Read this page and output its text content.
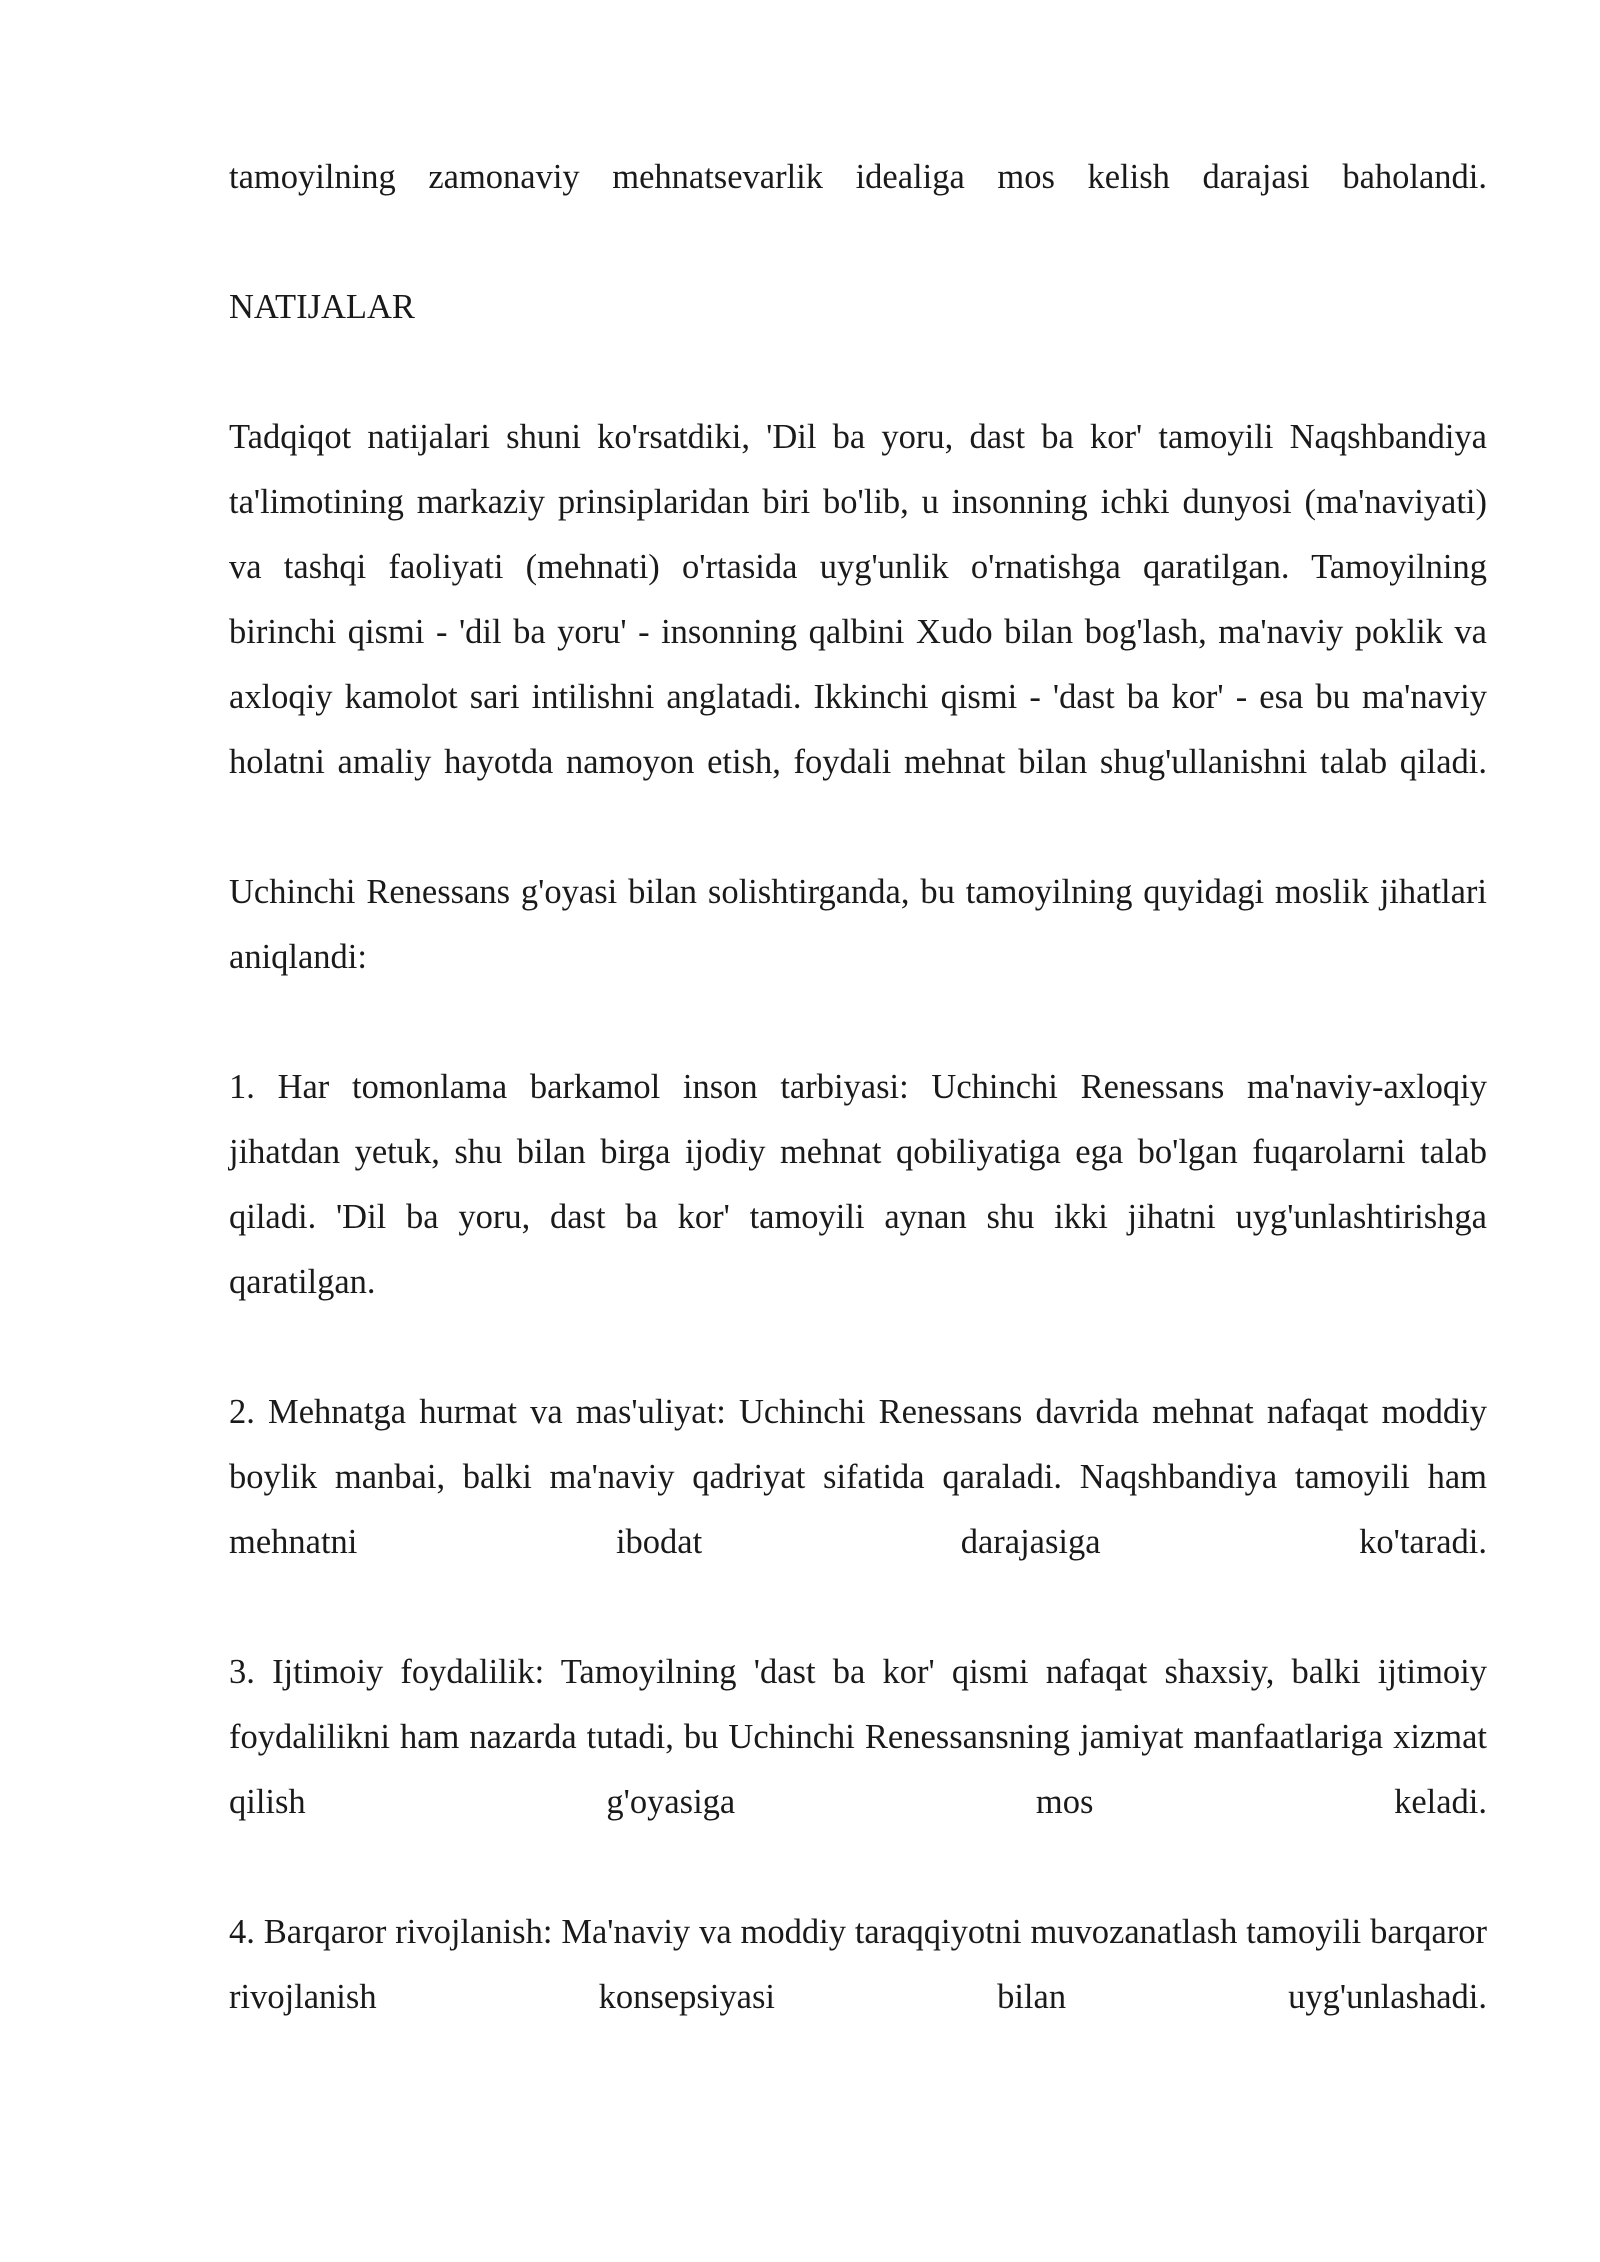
tamoyilning zamonaviy mehnatsevarlik idealiga mos kelish darajasi baholandi.

NATIJALAR

Tadqiqot natijalari shuni ko'rsatdiki, 'Dil ba yoru, dast ba kor' tamoyili Naqshbandiya ta'limotining markaziy prinsiplaridan biri bo'lib, u insonning ichki dunyosi (ma'naviyati) va tashqi faoliyati (mehnati) o'rtasida uyg'unlik o'rnatishga qaratilgan. Tamoyilning birinchi qismi - 'dil ba yoru' - insonning qalbini Xudo bilan bog'lash, ma'naviy poklik va axloqiy kamolot sari intilishni anglatadi. Ikkinchi qismi - 'dast ba kor' - esa bu ma'naviy holatni amaliy hayotda namoyon etish, foydali mehnat bilan shug'ullanishni talab qiladi.

Uchinchi Renessans g'oyasi bilan solishtirganda, bu tamoyilning quyidagi moslik jihatlari aniqlandi:

1. Har tomonlama barkamol inson tarbiyasi: Uchinchi Renessans ma'naviy-axloqiy jihatdan yetuk, shu bilan birga ijodiy mehnat qobiliyatiga ega bo'lgan fuqarolarni talab qiladi. 'Dil ba yoru, dast ba kor' tamoyili aynan shu ikki jihatni uyg'unlashtirishga qaratilgan.

2. Mehnatga hurmat va mas'uliyat: Uchinchi Renessans davrida mehnat nafaqat moddiy boylik manbai, balki ma'naviy qadriyat sifatida qaraladi. Naqshbandiya tamoyili ham mehnatni ibodat darajasiga ko'taradi.

3. Ijtimoiy foydalilik: Tamoyilning 'dast ba kor' qismi nafaqat shaxsiy, balki ijtimoiy foydalilikni ham nazarda tutadi, bu Uchinchi Renessansning jamiyat manfaatlariga xizmat qilish g'oyasiga mos keladi.

4. Barqaror rivojlanish: Ma'naviy va moddiy taraqqiyotni muvozanatlash tamoyili barqaror rivojlanish konsepsiyasi bilan uyg'unlashadi.
